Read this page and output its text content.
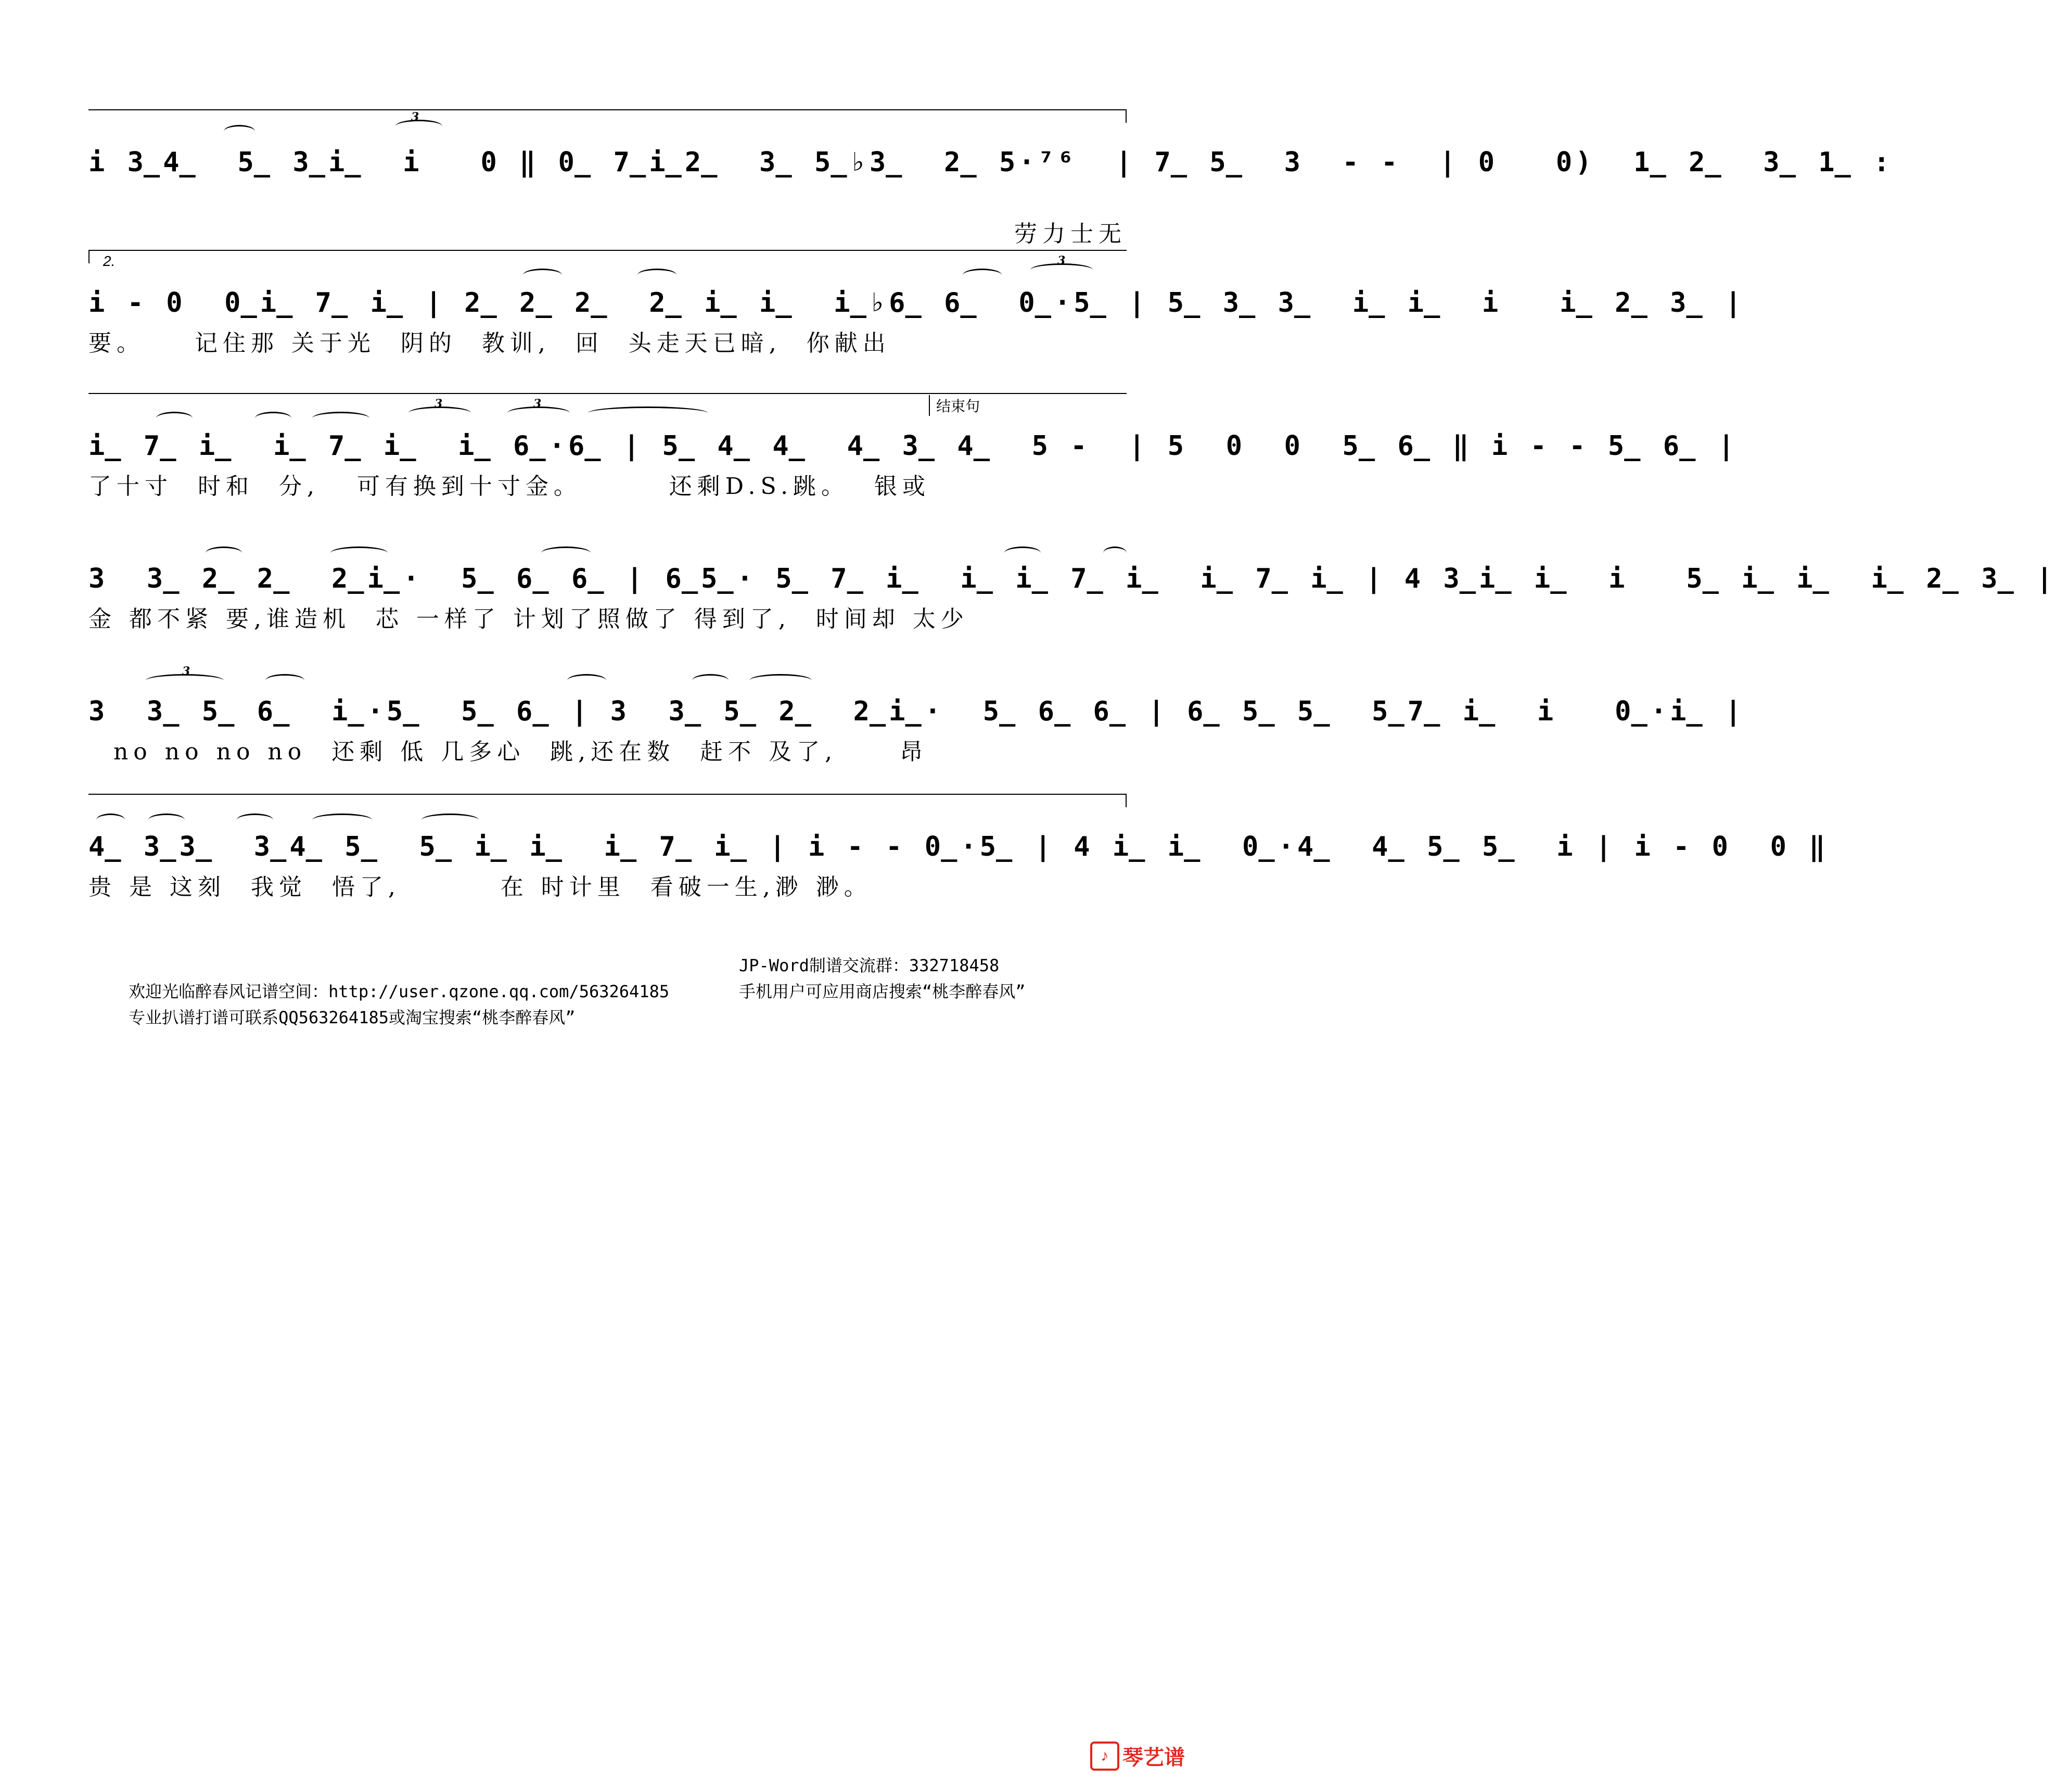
i 3̲4̲  5̲ 3̲i̲  i   0 ‖ 0̲ 7̲i̲2̲  3̲ 5̲♭3̲  2̲ 5·⁷⁶  | 7̲ 5̲  3  - -  | 0   0)  1̲ 2̲  3̲ 1̲ :

劳力士无

3
2.
i - 0  0̲i̲ 7̲ i̲ | 2̲ 2̲ 2̲  2̲ i̲ i̲  i̲♭6̲ 6̲  0̲·5̲ | 5̲ 3̲ 3̲  i̲ i̲  i   i̲ 2̲ 3̲ |
要。    记住那 关于光  阴的  教训,  回  头走天已暗,  你献出
3
结束句
i̲ 7̲ i̲  i̲ 7̲ i̲  i̲ 6̲·6̲ | 5̲ 4̲ 4̲  4̲ 3̲ 4̲  5 -  | 5  0  0  5̲ 6̲ ‖ i - - 5̲ 6̲ |
了十寸  时和  分,   可有换到十寸金。       还剩D.S.跳。  银或
3	3
3  3̲ 2̲ 2̲  2̲i̲·  5̲ 6̲ 6̲ | 6̲5̲· 5̲ 7̲ i̲  i̲ i̲ 7̲ i̲  i̲ 7̲ i̲ | 4 3̲i̲ i̲  i   5̲ i̲ i̲  i̲ 2̲ 3̲ |
金 都不紧 要,谁造机  芯 一样了 计划了照做了 得到了,  时间却 太少
3  3̲ 5̲ 6̲  i̲·5̲  5̲ 6̲ | 3  3̲ 5̲ 2̲  2̲i̲·  5̲ 6̲ 6̲ | 6̲ 5̲ 5̲  5̲7̲ i̲  i   0̲·i̲ |
no no no no  还剩 低 几多心  跳,还在数  赶不 及了,     昂
3
4̲ 3̲3̲  3̲4̲ 5̲  5̲ i̲ i̲  i̲ 7̲ i̲ | i - - 0̲·5̲ | 4 i̲ i̲  0̲·4̲  4̲ 5̲ 5̲  i | i - 0  0 ‖
贵 是 这刻  我觉  悟了,        在 时计里  看破一生,渺 渺。

欢迎光临醉春风记谱空间：http://user.qzone.qq.com/563264185

JP-Word制谱交流群：332718458

专业扒谱打谱可联系QQ563264185或淘宝搜索“桃李醉春风”

手机用户可应用商店搜索“桃李醉春风”

♪ 琴艺谱
